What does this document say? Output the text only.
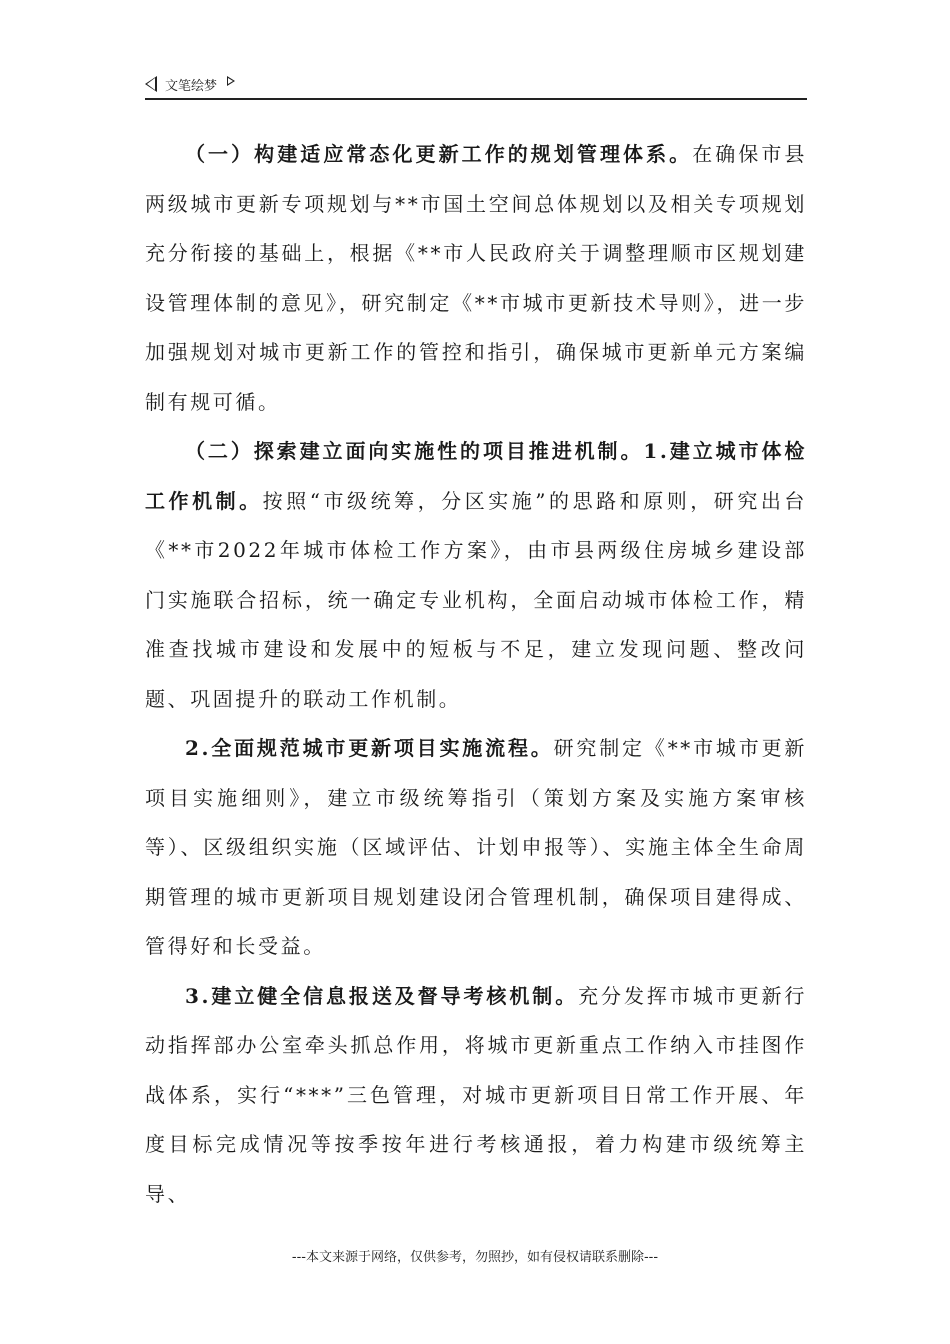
文笔绘梦

（一）构建适应常态化更新工作的规划管理体系。在确保市县两级城市更新专项规划与**市国土空间总体规划以及相关专项规划充分衔接的基础上，根据《**市人民政府关于调整理顺市区规划建设管理体制的意见》，研究制定《**市城市更新技术导则》，进一步加强规划对城市更新工作的管控和指引，确保城市更新单元方案编制有规可循。

（二）探索建立面向实施性的项目推进机制。1.建立城市体检工作机制。按照“市级统筹，分区实施”的思路和原则，研究出台《**市2022年城市体检工作方案》，由市县两级住房城乡建设部门实施联合招标，统一确定专业机构，全面启动城市体检工作，精准查找城市建设和发展中的短板与不足，建立发现问题、整改问题、巩固提升的联动工作机制。

2.全面规范城市更新项目实施流程。研究制定《**市城市更新项目实施细则》，建立市级统筹指引（策划方案及实施方案审核等）、区级组织实施（区域评估、计划申报等）、实施主体全生命周期管理的城市更新项目规划建设闭合管理机制，确保项目建得成、管得好和长受益。

3.建立健全信息报送及督导考核机制。充分发挥市城市更新行动指挥部办公室牵头抓总作用，将城市更新重点工作纳入市挂图作战体系，实行“***”三色管理，对城市更新项目日常工作开展、年度目标完成情况等按季按年进行考核通报，着力构建市级统筹主导、

---本文来源于网络，仅供参考，勿照抄，如有侵权请联系删除---
